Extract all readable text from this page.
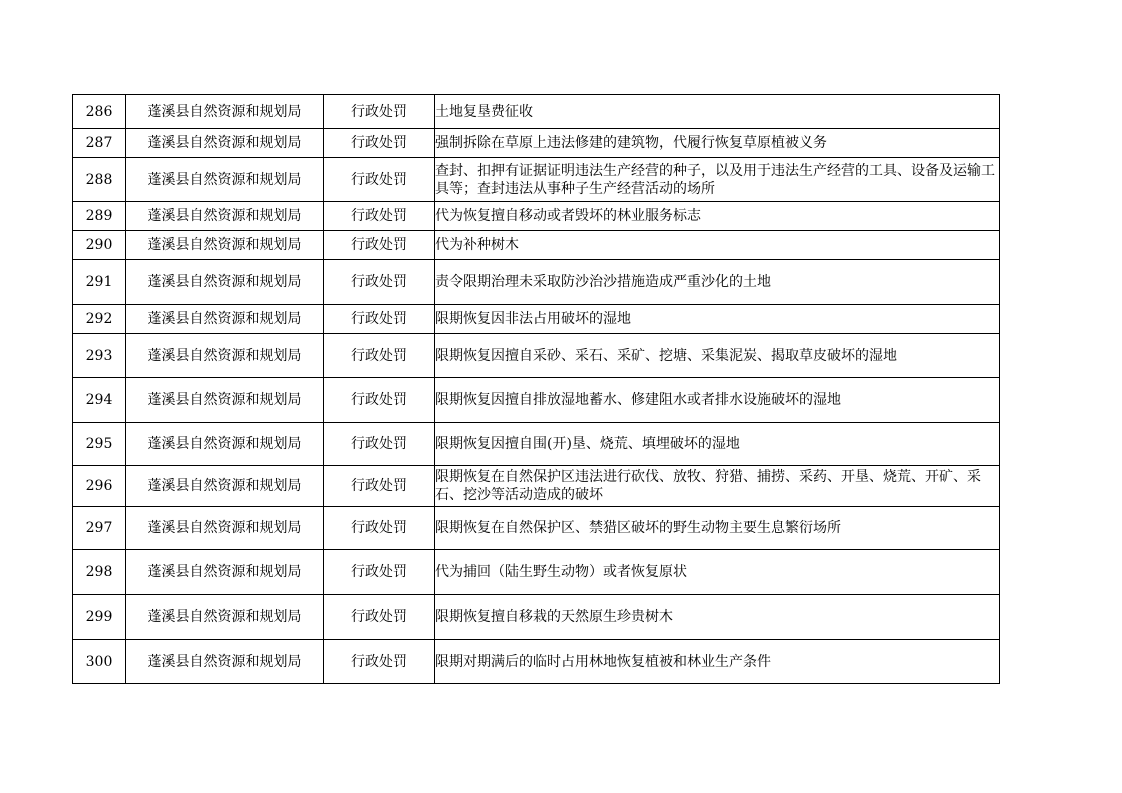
286	蓬溪县自然资源和规划局	行政处罚	土地复垦费征收
287	蓬溪县自然资源和规划局	行政处罚	强制拆除在草原上违法修建的建筑物，代履行恢复草原植被义务
288	蓬溪县自然资源和规划局	行政处罚	查封、扣押有证据证明违法生产经营的种子，以及用于违法生产经营的工具、设备及运输工具等；查封违法从事种子生产经营活动的场所
289	蓬溪县自然资源和规划局	行政处罚	代为恢复擅自移动或者毁坏的林业服务标志
290	蓬溪县自然资源和规划局	行政处罚	代为补种树木
291	蓬溪县自然资源和规划局	行政处罚	责令限期治理未采取防沙治沙措施造成严重沙化的土地
292	蓬溪县自然资源和规划局	行政处罚	限期恢复因非法占用破坏的湿地
293	蓬溪县自然资源和规划局	行政处罚	限期恢复因擅自采砂、采石、采矿、挖塘、采集泥炭、揭取草皮破坏的湿地
294	蓬溪县自然资源和规划局	行政处罚	限期恢复因擅自排放湿地蓄水、修建阻水或者排水设施破坏的湿地
295	蓬溪县自然资源和规划局	行政处罚	限期恢复因擅自围(开)垦、烧荒、填埋破坏的湿地
296	蓬溪县自然资源和规划局	行政处罚	限期恢复在自然保护区违法进行砍伐、放牧、狩猎、捕捞、采药、开垦、烧荒、开矿、采石、挖沙等活动造成的破坏
297	蓬溪县自然资源和规划局	行政处罚	限期恢复在自然保护区、禁猎区破坏的野生动物主要生息繁衍场所
298	蓬溪县自然资源和规划局	行政处罚	代为捕回（陆生野生动物）或者恢复原状
299	蓬溪县自然资源和规划局	行政处罚	限期恢复擅自移栽的天然原生珍贵树木
300	蓬溪县自然资源和规划局	行政处罚	限期对期满后的临时占用林地恢复植被和林业生产条件
